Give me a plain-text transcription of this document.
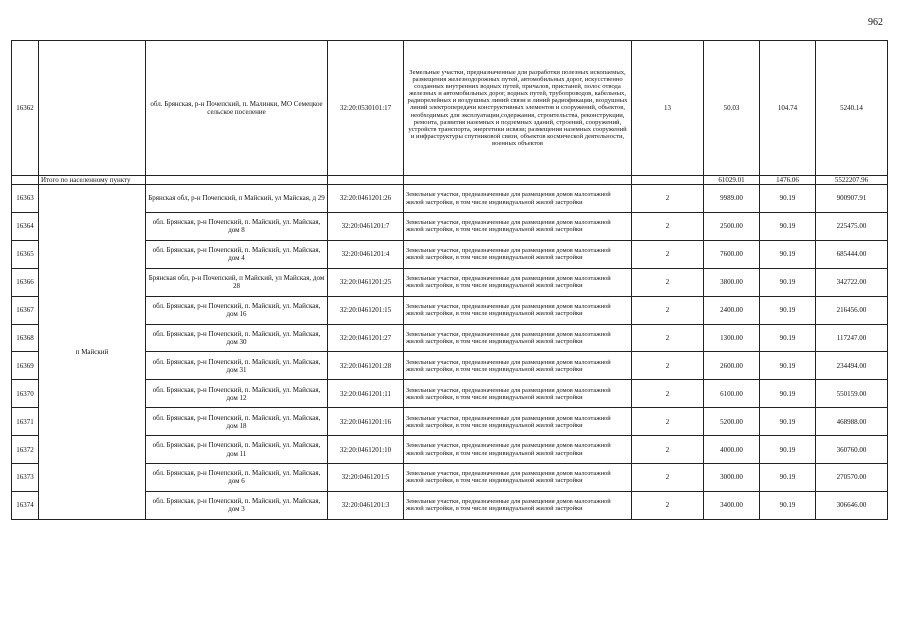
962
16362		обл. Брянская, р-н Почепский, п. Малинки, МО Семецкое сельское поселение	32:20:0530101:17	Земельные участки, предназначенные для разработки полезных ископаемых, размещения железнодорожных путей, автомобильных дорог, искусственно созданных внутренних водных путей, причалов, пристаней, полос отвода железных и автомобильных дорог, водных путей, трубопроводов, кабельных, радиорелейных и воздушных линий связи и линий радиофикации, воздушных линий электропередачи конструктивных элементов и сооружений, объектов, необходимых для эксплуатации,содержания, строительства, реконструкции, ремонта, развития наземных и подземных зданий, строений, сооружений, устройств транспорта, энергетики исвязи; размещения наземных сооружений и инфраструктуры спутниковой связи, объектов космической деятельности, военных объектов	13	50.03	104.74	5240.14
	Итого по населенному пункту					61029.01	1476.06	5522207.96
16363	п Майский	Брянская обл, р-н Почепский, п Майский, ул Майская, д 29	32:20:0461201:26	Земельные участки, предназначенные для размещения домов малоэтажной жилой застройки, в том числе индивидуальной жилой застройки	2	9989.00	90.19	900907.91
16364		обл. Брянская, р-н Почепский, п. Майский, ул. Майская, дом 8	32:20:0461201:7	Земельные участки, предназначенные для размещения домов малоэтажной жилой застройки, в том числе индивидуальной жилой застройки	2	2500.00	90.19	225475.00
16365		обл. Брянская, р-н Почепский, п. Майский, ул. Майская, дом 4	32:20:0461201:4	Земельные участки, предназначенные для размещения домов малоэтажной жилой застройки, в том числе индивидуальной жилой застройки	2	7600.00	90.19	685444.00
16366		Брянская обл, р-н Почепский, п Майский, ул Майская, дом 28	32:20:0461201:25	Земельные участки, предназначенные для размещения домов малоэтажной жилой застройки, в том числе индивидуальной жилой застройки	2	3800.00	90.19	342722.00
16367		обл. Брянская, р-н Почепский, п. Майский, ул. Майская, дом 16	32:20:0461201:15	Земельные участки, предназначенные для размещения домов малоэтажной жилой застройки, в том числе индивидуальной жилой застройки	2	2400.00	90.19	216456.00
16368		обл. Брянская, р-н Почепский, п. Майский, ул. Майская, дом 30	32:20:0461201:27	Земельные участки, предназначенные для размещения домов малоэтажной жилой застройки, в том числе индивидуальной жилой застройки	2	1300.00	90.19	117247.00
16369		обл. Брянская, р-н Почепский, п. Майский, ул. Майская, дом 31	32:20:0461201:28	Земельные участки, предназначенные для размещения домов малоэтажной жилой застройки, в том числе индивидуальной жилой застройки	2	2600.00	90.19	234494.00
16370		обл. Брянская, р-н Почепский, п. Майский, ул. Майская, дом 12	32:20:0461201:11	Земельные участки, предназначенные для размещения домов малоэтажной жилой застройки, в том числе индивидуальной жилой застройки	2	6100.00	90.19	550159.00
16371		обл. Брянская, р-н Почепский, п. Майский, ул. Майская, дом 18	32:20:0461201:16	Земельные участки, предназначенные для размещения домов малоэтажной жилой застройки, в том числе индивидуальной жилой застройки	2	5200.00	90.19	468988.00
16372		обл. Брянская, р-н Почепский, п. Майский, ул. Майская, дом 11	32:20:0461201:10	Земельные участки, предназначенные для размещения домов малоэтажной жилой застройки, в том числе индивидуальной жилой застройки	2	4000.00	90.19	360760.00
16373		обл. Брянская, р-н Почепский, п. Майский, ул. Майская, дом 6	32:20:0461201:5	Земельные участки, предназначенные для размещения домов малоэтажной жилой застройки, в том числе индивидуальной жилой застройки	2	3000.00	90.19	270570.00
16374		обл. Брянская, р-н Почепский, п. Майский, ул. Майская, дом 3	32:20:0461201:3	Земельные участки, предназначенные для размещения домов малоэтажной жилой застройки, в том числе индивидуальной жилой застройки	2	3400.00	90.19	306646.00
